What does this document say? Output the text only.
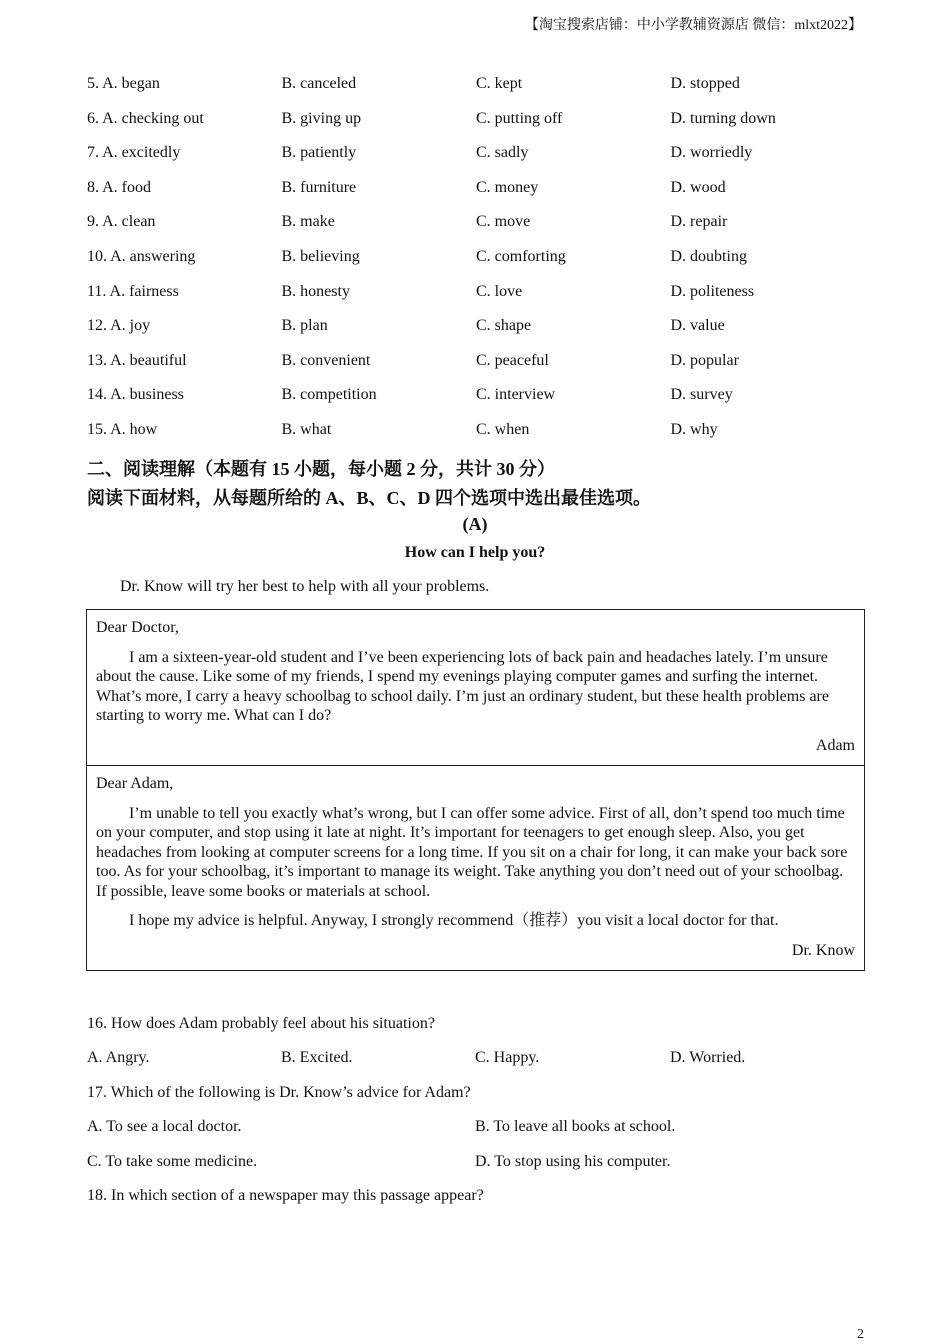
【淘宝搜索店铺：中小学教辅资源店 微信：mlxt2022】
5. A. began	B. canceled	C. kept	D. stopped
6. A. checking out	B. giving up	C. putting off	D. turning down
7. A. excitedly	B. patiently	C. sadly	D. worriedly
8. A. food	B. furniture	C. money	D. wood
9. A. clean	B. make	C. move	D. repair
10. A. answering	B. believing	C. comforting	D. doubting
11. A. fairness	B. honesty	C. love	D. politeness
12. A. joy	B. plan	C. shape	D. value
13. A. beautiful	B. convenient	C. peaceful	D. popular
14. A. business	B. competition	C. interview	D. survey
15. A. how	B. what	C. when	D. why
二、阅读理解（本题有 15 小题，每小题 2 分，共计 30 分）
阅读下面材料，从每题所给的 A、B、C、D 四个选项中选出最佳选项。
(A)
How can I help you?
Dr. Know will try her best to help with all your problems.

Dear Doctor,

I am a sixteen-year-old student and I’ve been experiencing lots of back pain and headaches lately. I’m unsure about the cause. Like some of my friends, I spend my evenings playing computer games and surfing the internet. What’s more, I carry a heavy schoolbag to school daily. I’m just an ordinary student, but these health problems are starting to worry me. What can I do?

Adam

Dear Adam,

I’m unable to tell you exactly what’s wrong, but I can offer some advice. First of all, don’t spend too much time on your computer, and stop using it late at night. It’s important for teenagers to get enough sleep. Also, you get headaches from looking at computer screens for a long time. If you sit on a chair for long, it can make your back sore too. As for your schoolbag, it’s important to manage its weight. Take anything you don’t need out of your schoolbag. If possible, leave some books or materials at school.

I hope my advice is helpful. Anyway, I strongly recommend（推荐）you visit a local doctor for that.

Dr. Know

16. How does Adam probably feel about his situation?
A. Angry.	B. Excited.	C. Happy.	D. Worried.
17. Which of the following is Dr. Know’s advice for Adam?
A. To see a local doctor.	B. To leave all books at school.
C. To take some medicine.	D. To stop using his computer.
18. In which section of a newspaper may this passage appear?
2
